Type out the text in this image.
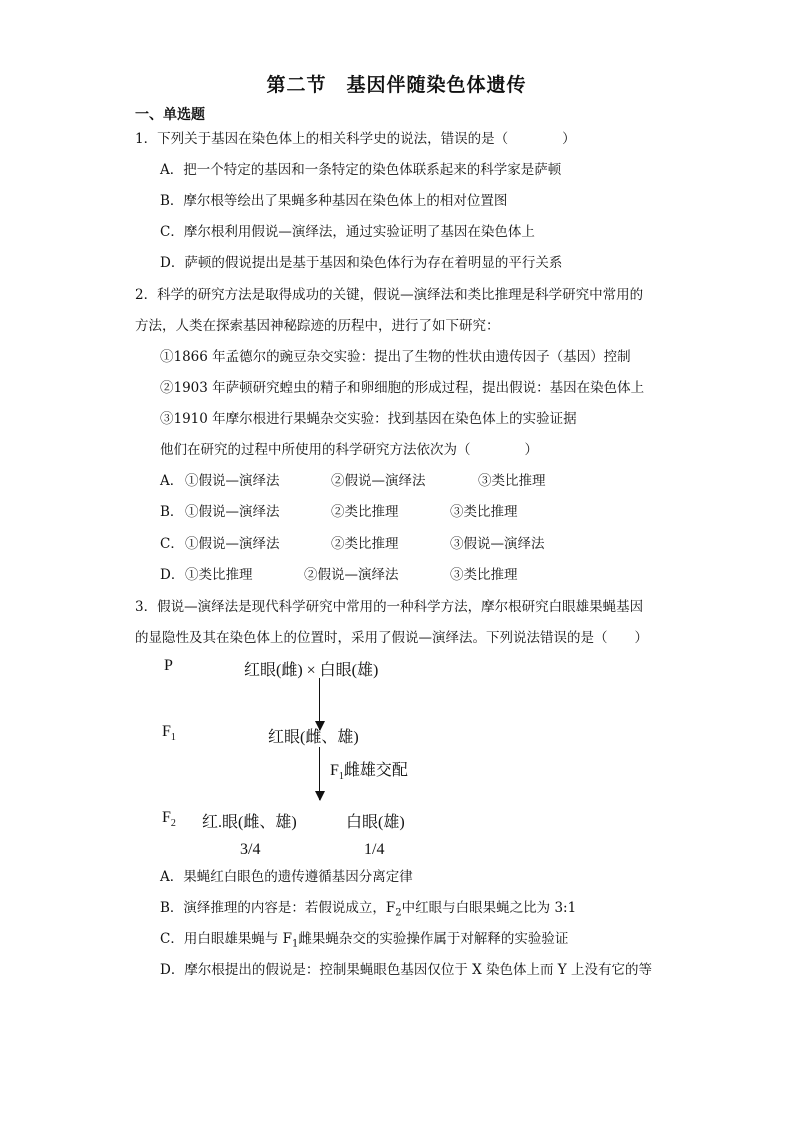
第二节　基因伴随染色体遗传
一、单选题
1．下列关于基因在染色体上的相关科学史的说法，错误的是（　　　　）
A．把一个特定的基因和一条特定的染色体联系起来的科学家是萨顿
B．摩尔根等绘出了果蝇多种基因在染色体上的相对位置图
C．摩尔根利用假说—演绎法，通过实验证明了基因在染色体上
D．萨顿的假说提出是基于基因和染色体行为存在着明显的平行关系
2．科学的研究方法是取得成功的关键，假说—演绎法和类比推理是科学研究中常用的
方法，人类在探索基因神秘踪迹的历程中，进行了如下研究：
①1866 年孟德尔的豌豆杂交实验：提出了生物的性状由遗传因子（基因）控制
②1903 年萨顿研究蝗虫的精子和卵细胞的形成过程，提出假说：基因在染色体上
③1910 年摩尔根进行果蝇杂交实验：找到基因在染色体上的实验证据
他们在研究的过程中所使用的科学研究方法依次为（　　　　）
A． ①假说—演绎法	②假说—演绎法	③类比推理
B． ①假说—演绎法	②类比推理	③类比推理
C． ①假说—演绎法	②类比推理	③假说—演绎法
D． ①类比推理	②假说—演绎法	③类比推理
3．假说—演绎法是现代科学研究中常用的一种科学方法，摩尔根研究白眼雄果蝇基因
的显隐性及其在染色体上的位置时，采用了假说—演绎法。下列说法错误的是（　　）
P	红眼(雌) × 白眼(雄)
$F_1$	红眼(雌、雄)
$F_1$雌雄交配
$F_2$ 红.眼(雌、雄)	白眼(雄)
3/4	1/4
A．果蝇红白眼色的遗传遵循基因分离定律
B．演绎推理的内容是：若假说成立，$F_2$中红眼与白眼果蝇之比为 3:1
C．用白眼雄果蝇与 $F_1$雌果蝇杂交的实验操作属于对解释的实验验证
D．摩尔根提出的假说是：控制果蝇眼色基因仅位于 X 染色体上而 Y 上没有它的等
